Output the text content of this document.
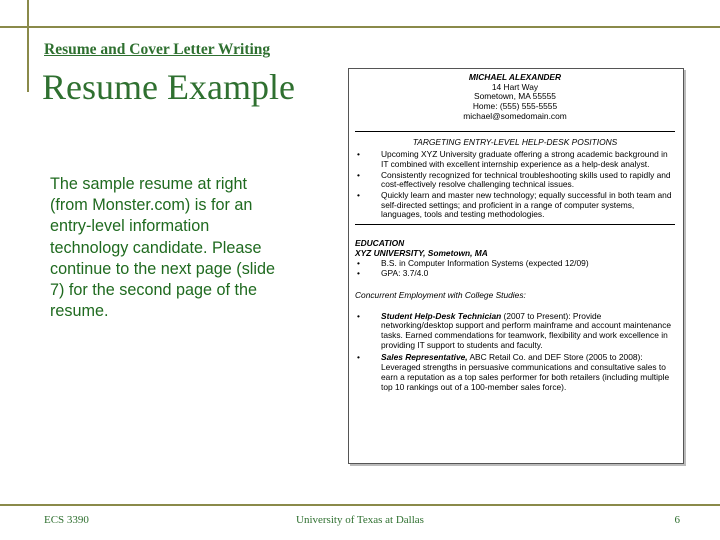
Resume and Cover Letter Writing
Resume Example
The sample resume at right (from Monster.com) is for an entry-level information technology candidate. Please continue to the next page (slide 7) for the second page of the resume.
MICHAEL ALEXANDER
14 Hart Way
Sometown, MA 55555
Home: (555) 555-5555
michael@somedomain.com
TARGETING ENTRY-LEVEL HELP-DESK POSITIONS
•	Upcoming XYZ University graduate offering a strong academic background in IT combined with excellent internship experience as a help-desk analyst.
•	Consistently recognized for technical troubleshooting skills used to rapidly and cost-effectively resolve challenging technical issues.
•	Quickly learn and master new technology; equally successful in both team and self-directed settings; and proficient in a range of computer systems, languages, tools and testing methodologies.
EDUCATION
XYZ UNIVERSITY, Sometown, MA
•	B.S. in Computer Information Systems (expected 12/09)
•	GPA: 3.7/4.0
Concurrent Employment with College Studies:
•	Student Help-Desk Technician (2007 to Present): Provide networking/desktop support and perform mainframe and account maintenance tasks. Earned commendations for teamwork, flexibility and work excellence in providing IT support to students and faculty.
•	Sales Representative, ABC Retail Co. and DEF Store (2005 to 2008): Leveraged strengths in persuasive communications and consultative sales to earn a reputation as a top sales performer for both retailers (including multiple top 10 rankings out of a 100-member sales force).
ECS 3390	University of Texas at Dallas	6
